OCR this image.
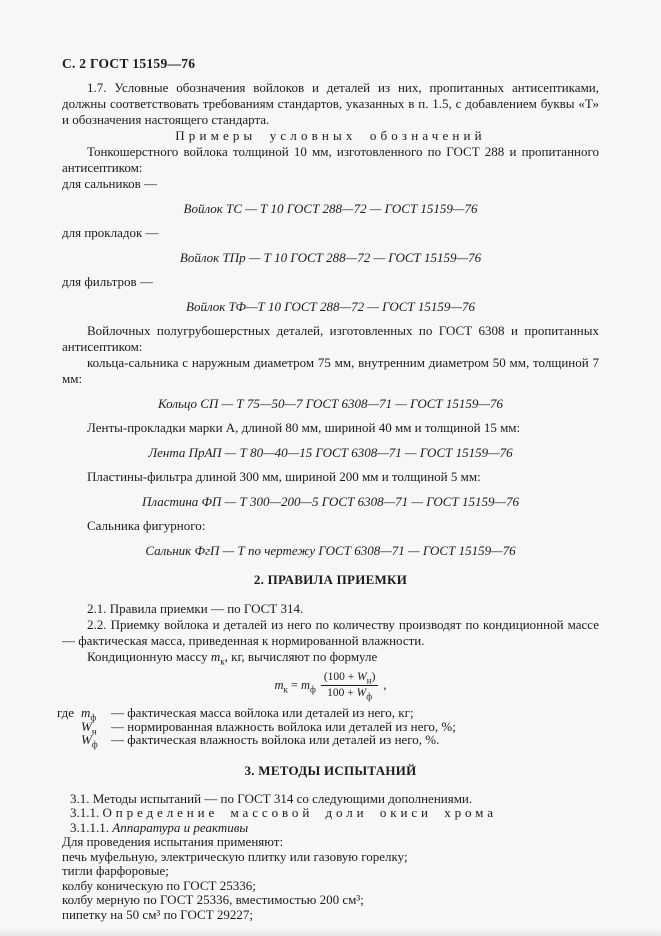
С. 2 ГОСТ 15159—76

1.7. Условные обозначения войлоков и деталей из них, пропитанных антисептиками, должны соответствовать требованиям стандартов, указанных в п. 1.5, с добавлением буквы «Т» и обозначения настоящего стандарта.

Примеры условных обозначений

Тонкошерстного войлока толщиной 10 мм, изготовленного по ГОСТ 288 и пропитанного антисептиком:

для сальников —

Войлок ТС — Т 10 ГОСТ 288—72 — ГОСТ 15159—76

для прокладок —

Войлок ТПр — Т 10 ГОСТ 288—72 — ГОСТ 15159—76

для фильтров —

Войлок ТФ—Т 10 ГОСТ 288—72 — ГОСТ 15159—76

Войлочных полугрубошерстных деталей, изготовленных по ГОСТ 6308 и пропитанных антисептиком:

кольца-сальника с наружным диаметром 75 мм, внутренним диаметром 50 мм, толщиной 7 мм:

Кольцо СП — Т 75—50—7 ГОСТ 6308—71 — ГОСТ 15159—76

Ленты-прокладки марки А, длиной 80 мм, шириной 40 мм и толщиной 15 мм:

Лента ПрАП — Т 80—40—15 ГОСТ 6308—71 — ГОСТ 15159—76

Пластины-фильтра длиной 300 мм, шириной 200 мм и толщиной 5 мм:

Пластина ФП — Т 300—200—5 ГОСТ 6308—71 — ГОСТ 15159—76

Сальника фигурного:

Сальник ФгП — Т по чертежу ГОСТ 6308—71 — ГОСТ 15159—76
2. ПРАВИЛА ПРИЕМКИ

2.1. Правила приемки — по ГОСТ 314.

2.2. Приемку войлока и деталей из него по количеству производят по кондиционной массе — фактическая масса, приведенная к нормированной влажности.

Кондиционную массу $m_к$, кг, вычисляют по формуле

$m_к = m_ф \frac{(100 + W_н)}{100 + W_ф}$ ,
где $m_ф$	— фактическая масса войлока или деталей из него, кг;
$W_н$	— нормированная влажность войлока или деталей из него, %;
$W_ф$	— фактическая влажность войлока или деталей из него, %.
3. МЕТОДЫ ИСПЫТАНИЙ

3.1. Методы испытаний — по ГОСТ 314 со следующими дополнениями.

3.1.1. Определение массовой доли окиси хрома

3.1.1.1. Аппаратура и реактивы

Для проведения испытания применяют:

печь муфельную, электрическую плитку или газовую горелку;

тигли фарфоровые;

колбу коническую по ГОСТ 25336;

колбу мерную по ГОСТ 25336, вместимостью 200 см³;

пипетку на 50 см³ по ГОСТ 29227;
